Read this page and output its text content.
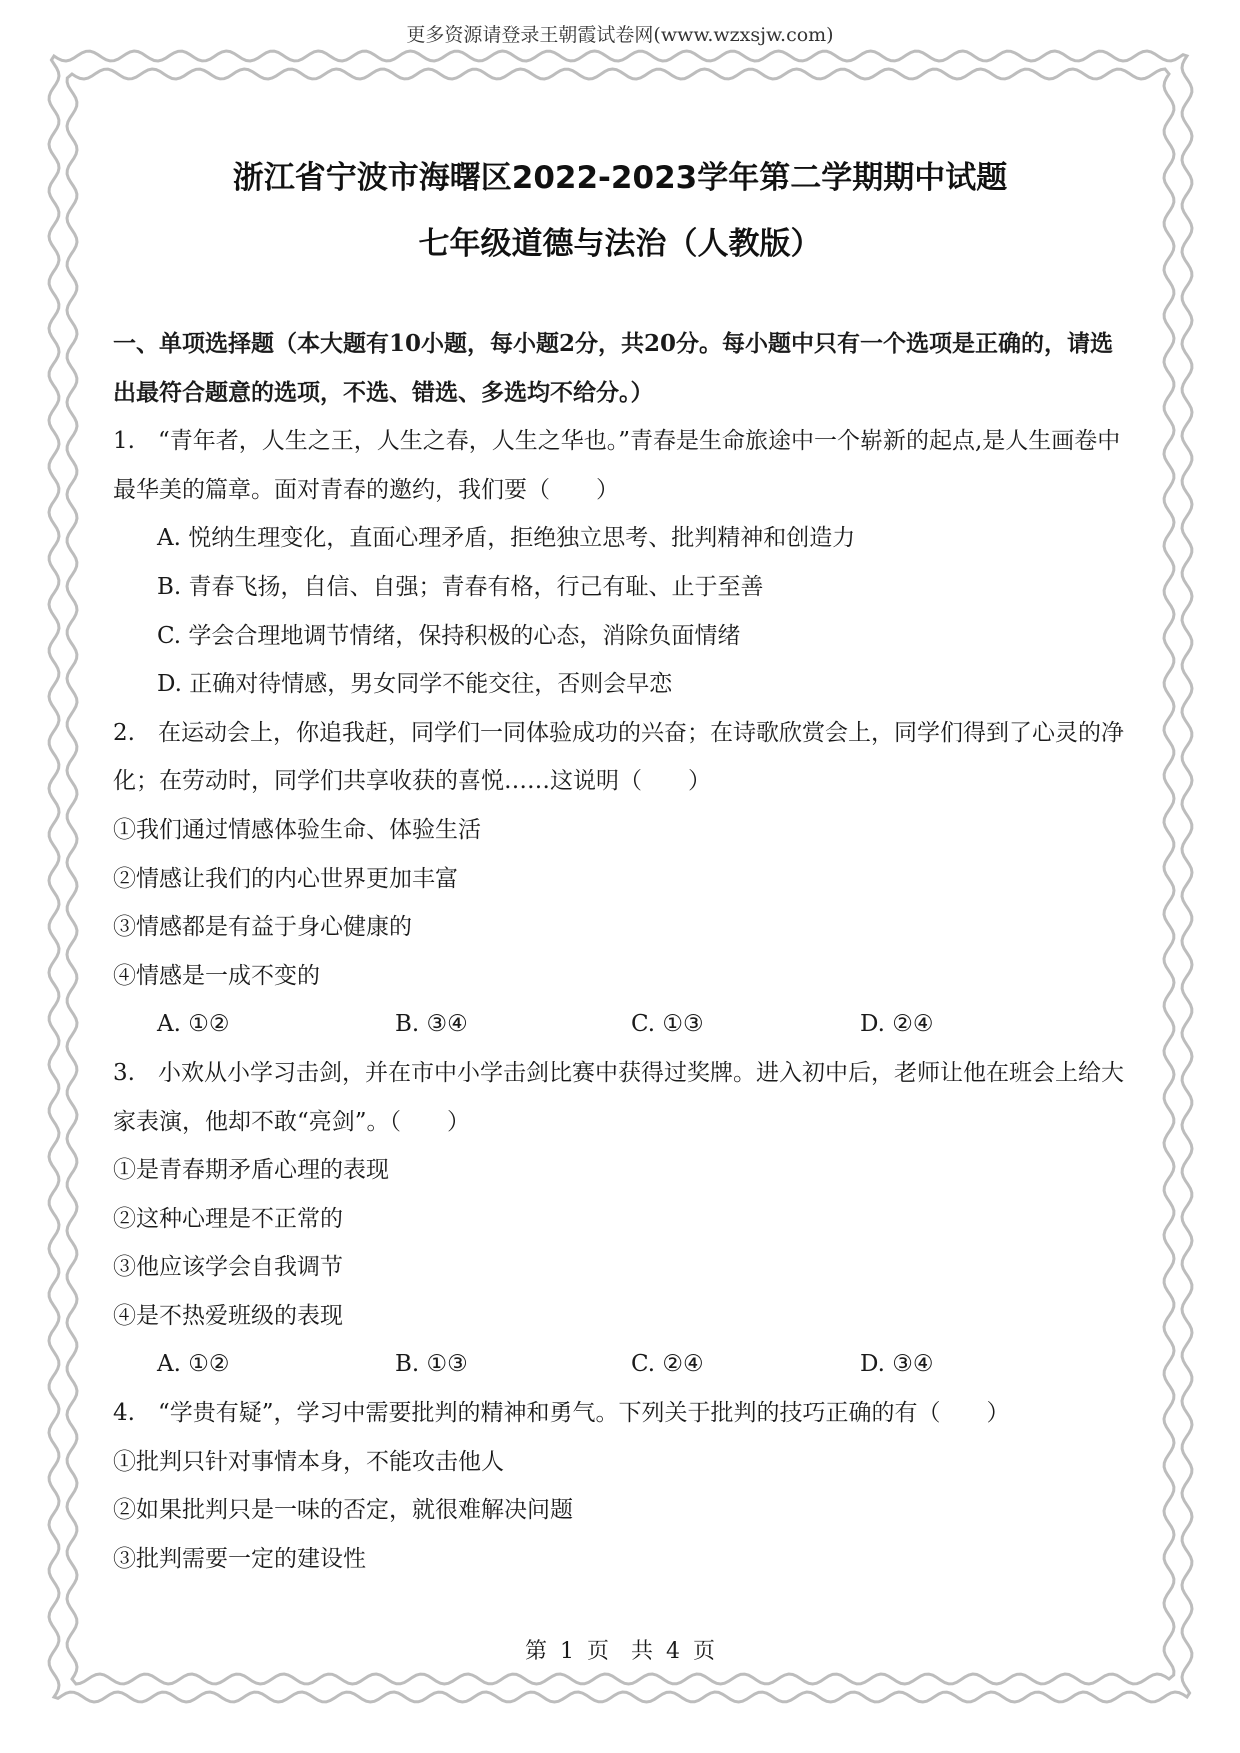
更多资源请登录王朝霞试卷网(www.wzxsjw.com)
浙江省宁波市海曙区2022-2023学年第二学期期中试题
七年级道德与法治（人教版）
一、单项选择题（本大题有10小题，每小题2分，共20分。每小题中只有一个选项是正确的，请选出最符合题意的选项，不选、错选、多选均不给分。）
1.　“青年者，人生之王，人生之春，人生之华也。”青春是生命旅途中一个崭新的起点,是人生画卷中最华美的篇章。面对青春的邀约，我们要（　　）
A. 悦纳生理变化，直面心理矛盾，拒绝独立思考、批判精神和创造力
B. 青春飞扬，自信、自强；青春有格，行己有耻、止于至善
C. 学会合理地调节情绪，保持积极的心态，消除负面情绪
D. 正确对待情感，男女同学不能交往，否则会早恋
2.　在运动会上，你追我赶，同学们一同体验成功的兴奋；在诗歌欣赏会上，同学们得到了心灵的净化；在劳动时，同学们共享收获的喜悦……这说明（　　）
①我们通过情感体验生命、体验生活
②情感让我们的内心世界更加丰富
③情感都是有益于身心健康的
④情感是一成不变的
A. ①②	B. ③④	C. ①③	D. ②④
3.　小欢从小学习击剑，并在市中小学击剑比赛中获得过奖牌。进入初中后，老师让他在班会上给大家表演，他却不敢“亮剑”。（　　）
①是青春期矛盾心理的表现
②这种心理是不正常的
③他应该学会自我调节
④是不热爱班级的表现
A. ①②	B. ①③	C. ②④	D. ③④
4.　“学贵有疑”，学习中需要批判的精神和勇气。下列关于批判的技巧正确的有（　　）
①批判只针对事情本身，不能攻击他人
②如果批判只是一味的否定，就很难解决问题
③批判需要一定的建设性
第 1 页　共 4 页
